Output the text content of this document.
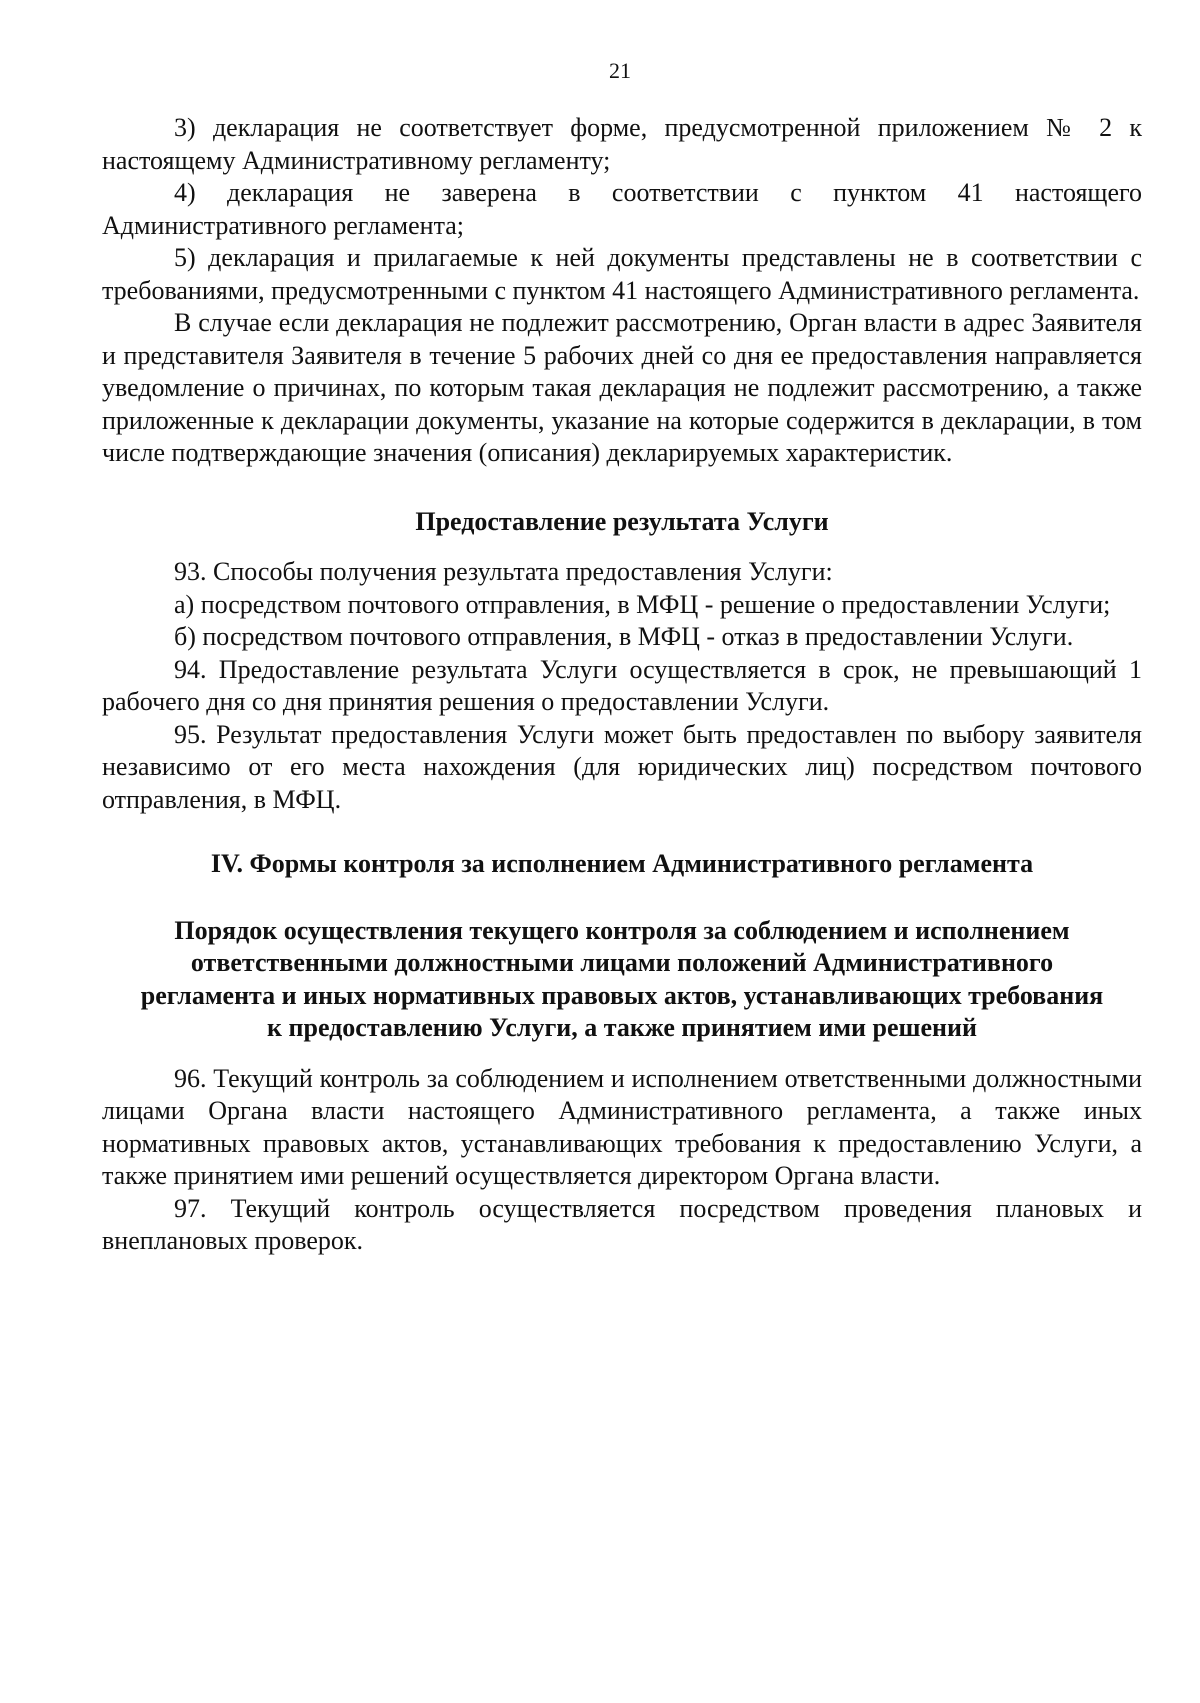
21

3) декларация не соответствует форме, предусмотренной приложением № 2 к настоящему Административному регламенту;

4) декларация не заверена в соответствии с пунктом 41 настоящего Административного регламента;

5) декларация и прилагаемые к ней документы представлены не в соответствии с требованиями, предусмотренными с пунктом 41 настоящего Административного регламента.

В случае если декларация не подлежит рассмотрению, Орган власти в адрес Заявителя и представителя Заявителя в течение 5 рабочих дней со дня ее предоставления направляется уведомление о причинах, по которым такая декларация не подлежит рассмотрению, а также приложенные к декларации документы, указание на которые содержится в декларации, в том числе подтверждающие значения (описания) декларируемых характеристик.

Предоставление результата Услуги

93. Способы получения результата предоставления Услуги:

а) посредством почтового отправления, в МФЦ - решение о предоставлении Услуги;

б) посредством почтового отправления, в МФЦ - отказ в предоставлении Услуги.

94. Предоставление результата Услуги осуществляется в срок, не превышающий 1 рабочего дня со дня принятия решения о предоставлении Услуги.

95. Результат предоставления Услуги может быть предоставлен по выбору заявителя независимо от его места нахождения (для юридических лиц) посредством почтового отправления, в МФЦ.

IV. Формы контроля за исполнением Административного регламента

Порядок осуществления текущего контроля за соблюдением и исполнением ответственными должностными лицами положений Административного регламента и иных нормативных правовых актов, устанавливающих требования к предоставлению Услуги, а также принятием ими решений

96. Текущий контроль за соблюдением и исполнением ответственными должностными лицами Органа власти настоящего Административного регламента, а также иных нормативных правовых актов, устанавливающих требования к предоставлению Услуги, а также принятием ими решений осуществляется директором Органа власти.

97. Текущий контроль осуществляется посредством проведения плановых и внеплановых проверок.
